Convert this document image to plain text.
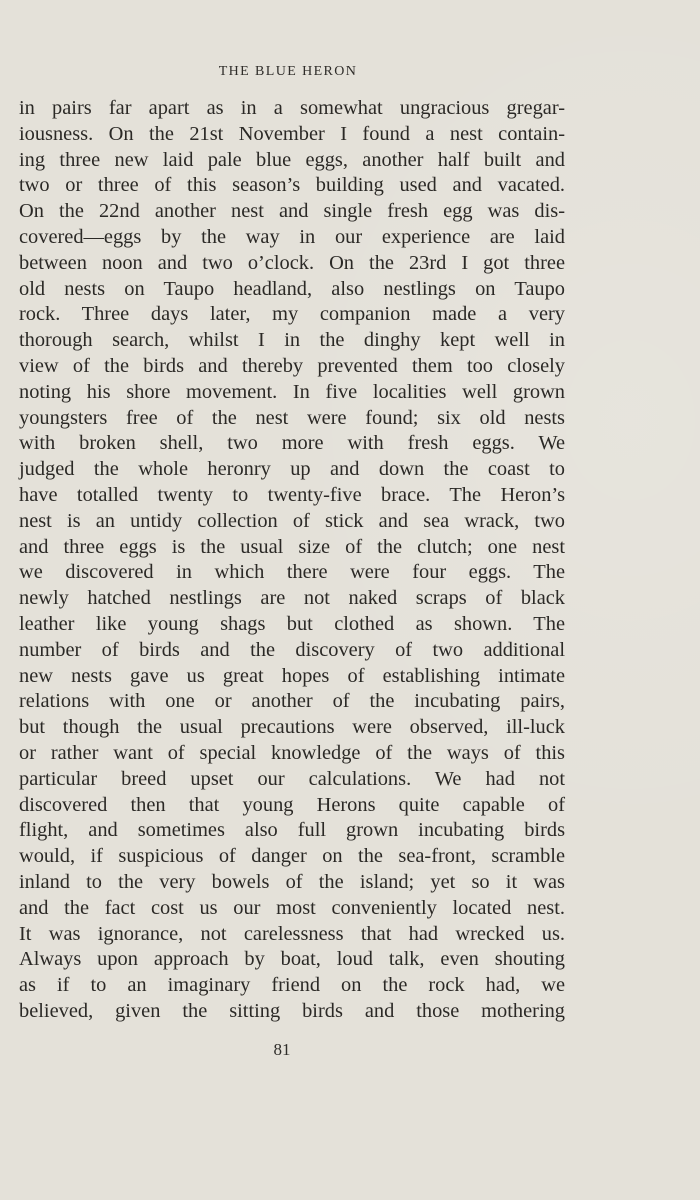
THE BLUE HERON
in pairs far apart as in a somewhat ungracious gregar-
iousness. On the 21st November I found a nest contain-
ing three new laid pale blue eggs, another half built and
two or three of this season’s building used and vacated.
On the 22nd another nest and single fresh egg was dis-
covered—eggs by the way in our experience are laid
between noon and two o’clock. On the 23rd I got three
old nests on Taupo headland, also nestlings on Taupo
rock. Three days later, my companion made a very
thorough search, whilst I in the dinghy kept well in
view of the birds and thereby prevented them too closely
noting his shore movement. In five localities well grown
youngsters free of the nest were found; six old nests
with broken shell, two more with fresh eggs. We
judged the whole heronry up and down the coast to
have totalled twenty to twenty-five brace. The Heron’s
nest is an untidy collection of stick and sea wrack, two
and three eggs is the usual size of the clutch; one nest
we discovered in which there were four eggs. The
newly hatched nestlings are not naked scraps of black
leather like young shags but clothed as shown. The
number of birds and the discovery of two additional
new nests gave us great hopes of establishing intimate
relations with one or another of the incubating pairs,
but though the usual precautions were observed, ill-luck
or rather want of special knowledge of the ways of this
particular breed upset our calculations. We had not
discovered then that young Herons quite capable of
flight, and sometimes also full grown incubating birds
would, if suspicious of danger on the sea-front, scramble
inland to the very bowels of the island; yet so it was
and the fact cost us our most conveniently located nest.
It was ignorance, not carelessness that had wrecked us.
Always upon approach by boat, loud talk, even shouting
as if to an imaginary friend on the rock had, we
believed, given the sitting birds and those mothering
81
